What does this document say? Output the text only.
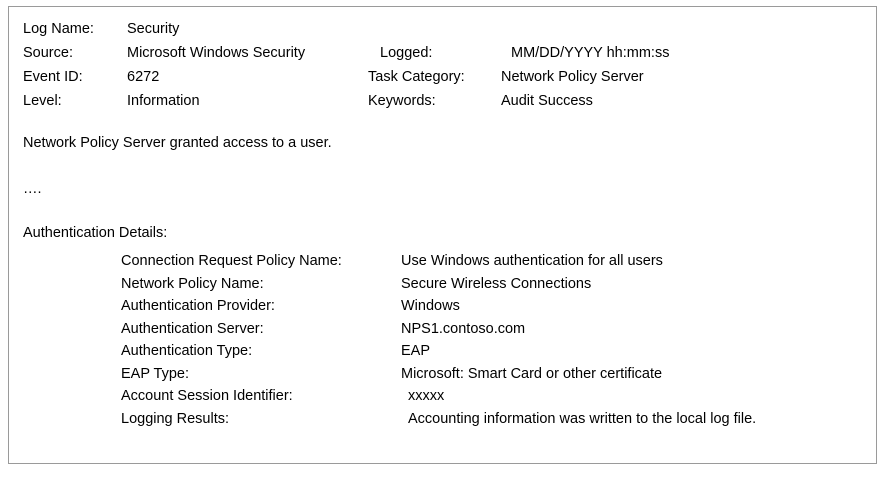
Log Name: Security
Source:	Microsoft Windows Security	Logged:	MM/DD/YYYY hh:mm:ss
Event ID:	6272	Task Category:	Network Policy Server
Level:	Information	Keywords:	Audit Success
Network Policy Server granted access to a user.
….
Authentication Details:
Connection Request Policy Name:	Use Windows authentication for all users
Network Policy Name:	Secure Wireless Connections
Authentication Provider:	Windows
Authentication Server:	NPS1.contoso.com
Authentication Type:	EAP
EAP Type:	Microsoft: Smart Card or other certificate
Account Session Identifier:	xxxxx
Logging Results:	Accounting information was written to the local log file.
